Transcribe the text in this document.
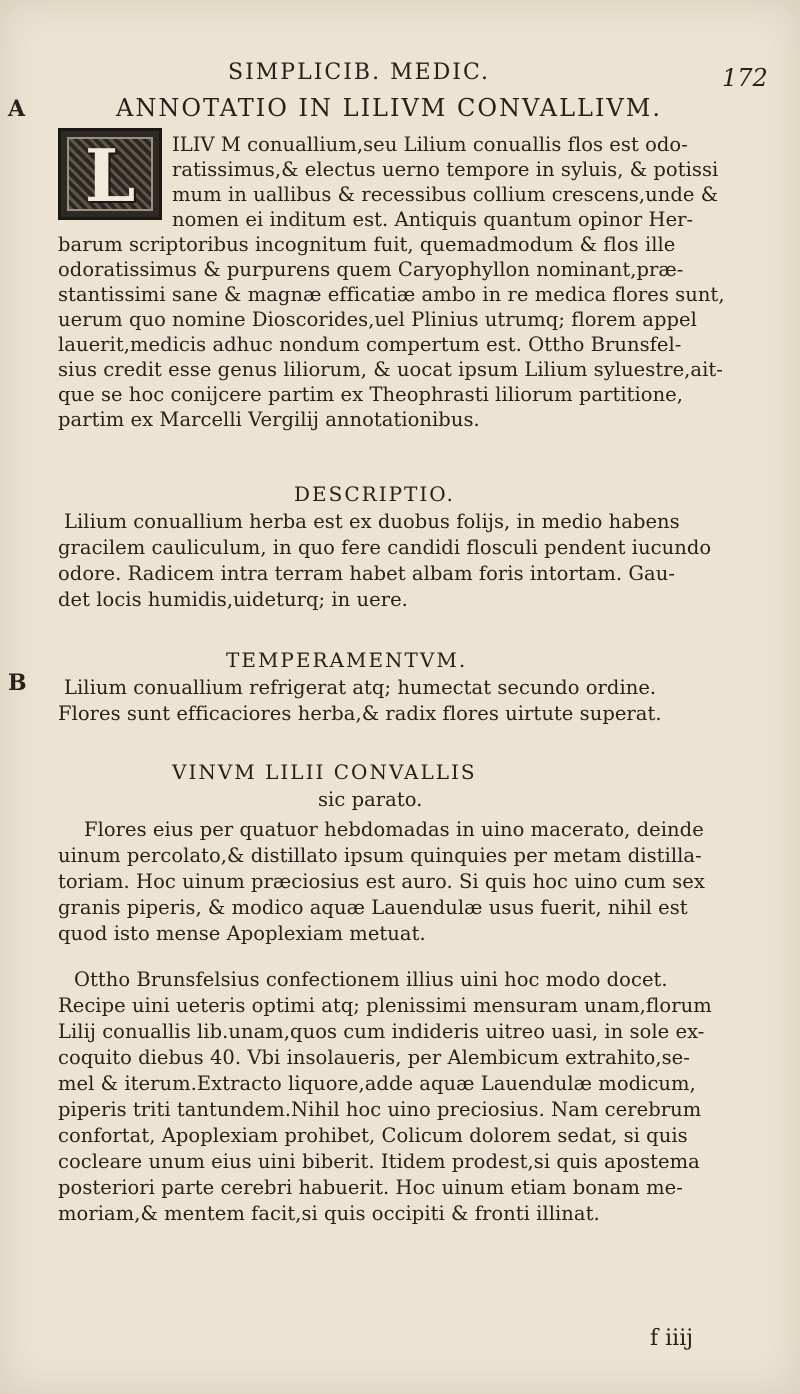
SIMPLICIB. MEDIC.	172
A
B
ANNOTATIO IN LILIVM CONVALLIVM.
L	ILIV M conuallium,seu Lilium conuallis flos est odo-
ratissimus,& electus uerno tempore in syluis, & potissi
mum in uallibus & recessibus collium crescens,unde &
nomen ei inditum est. Antiquis quantum opinor Her-
barum scriptoribus incognitum fuit, quemadmodum & flos ille
odoratissimus & purpurens quem Caryophyllon nominant,præ-
stantissimi sane & magnæ efficatiæ ambo in re medica flores sunt,
uerum quo nomine Dioscorides,uel Plinius utrumq; florem appel
lauerit,medicis adhuc nondum compertum est. Ottho Brunsfel-
sius credit esse genus liliorum, & uocat ipsum Lilium syluestre,ait-
que se hoc conijcere partim ex Theophrasti liliorum partitione,
partim ex Marcelli Vergilij annotationibus.
DESCRIPTIO.
Lilium conuallium herba est ex duobus folijs, in medio habens
gracilem cauliculum, in quo fere candidi flosculi pendent iucundo
odore. Radicem intra terram habet albam foris intortam. Gau-
det locis humidis,uideturq; in uere.
TEMPERAMENTVM.
Lilium conuallium refrigerat atq; humectat secundo ordine.
Flores sunt efficaciores herba,& radix flores uirtute superat.
VINVM LILII CONVALLIS
sic parato.
Flores eius per quatuor hebdomadas in uino macerato, deinde
uinum percolato,& distillato ipsum quinquies per metam distilla-
toriam. Hoc uinum præciosius est auro. Si quis hoc uino cum sex
granis piperis, & modico aquæ Lauendulæ usus fuerit, nihil est
quod isto mense Apoplexiam metuat.
Ottho Brunsfelsius confectionem illius uini hoc modo docet.
Recipe uini ueteris optimi atq; plenissimi mensuram unam,florum
Lilij conuallis lib.unam,quos cum indideris uitreo uasi, in sole ex-
coquito diebus 40. Vbi insolaueris, per Alembicum extrahito,se-
mel & iterum.Extracto liquore,adde aquæ Lauendulæ modicum,
piperis triti tantundem.Nihil hoc uino preciosius. Nam cerebrum
confortat, Apoplexiam prohibet, Colicum dolorem sedat, si quis
cocleare unum eius uini biberit. Itidem prodest,si quis apostema
posteriori parte cerebri habuerit. Hoc uinum etiam bonam me-
moriam,& mentem facit,si quis occipiti & fronti illinat.
f iiij
